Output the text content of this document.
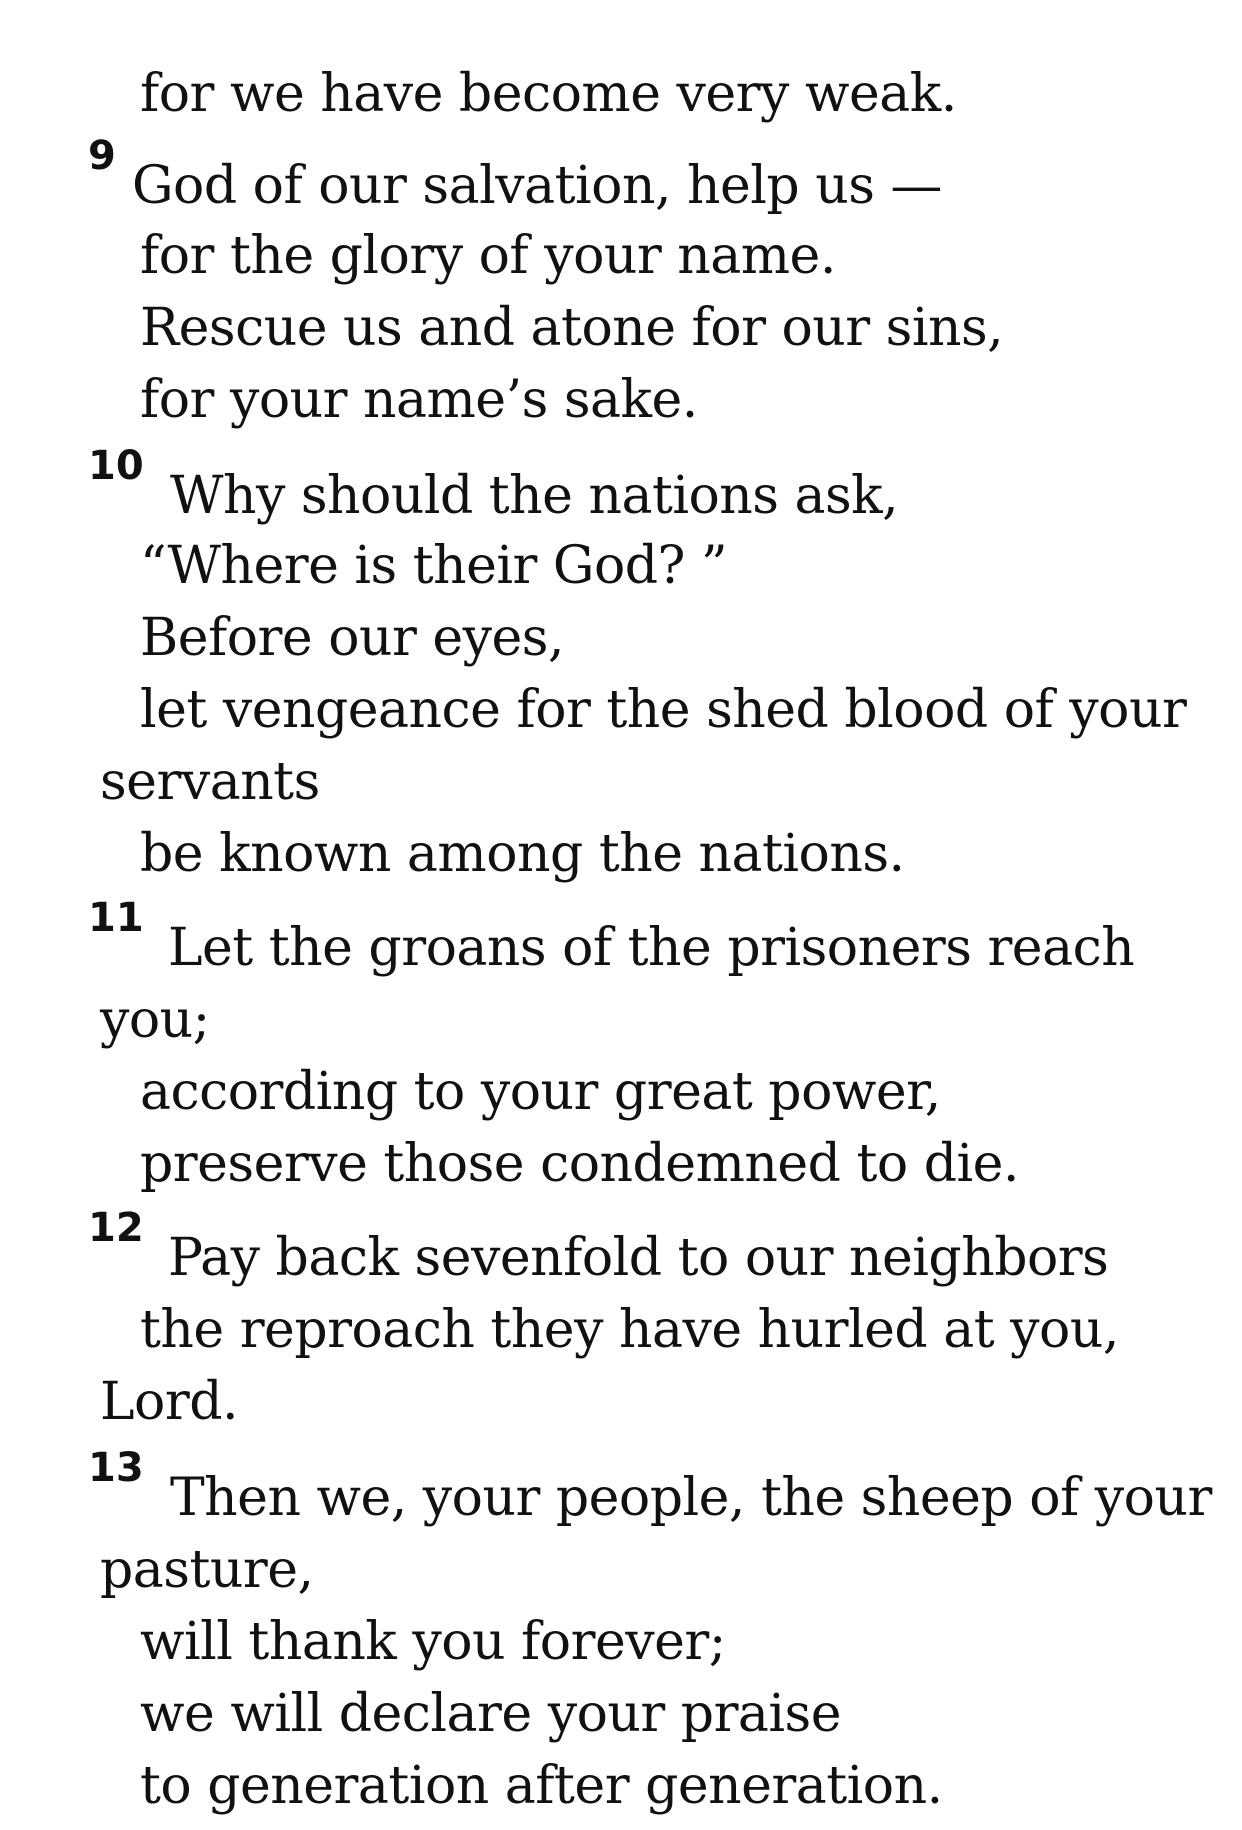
for we have become very weak.
9 God of our salvation, help us —
for the glory of your name.
Rescue us and atone for our sins,
for your name’s sake.
10 Why should the nations ask,
“Where is their God? ”
Before our eyes,
let vengeance for the shed blood of your
servants
be known among the nations.
11 Let the groans of the prisoners reach
you;
according to your great power,
preserve those condemned to die.
12 Pay back sevenfold to our neighbors
the reproach they have hurled at you,
Lord.
13 Then we, your people, the sheep of your
pasture,
will thank you forever;
we will declare your praise
to generation after generation.
